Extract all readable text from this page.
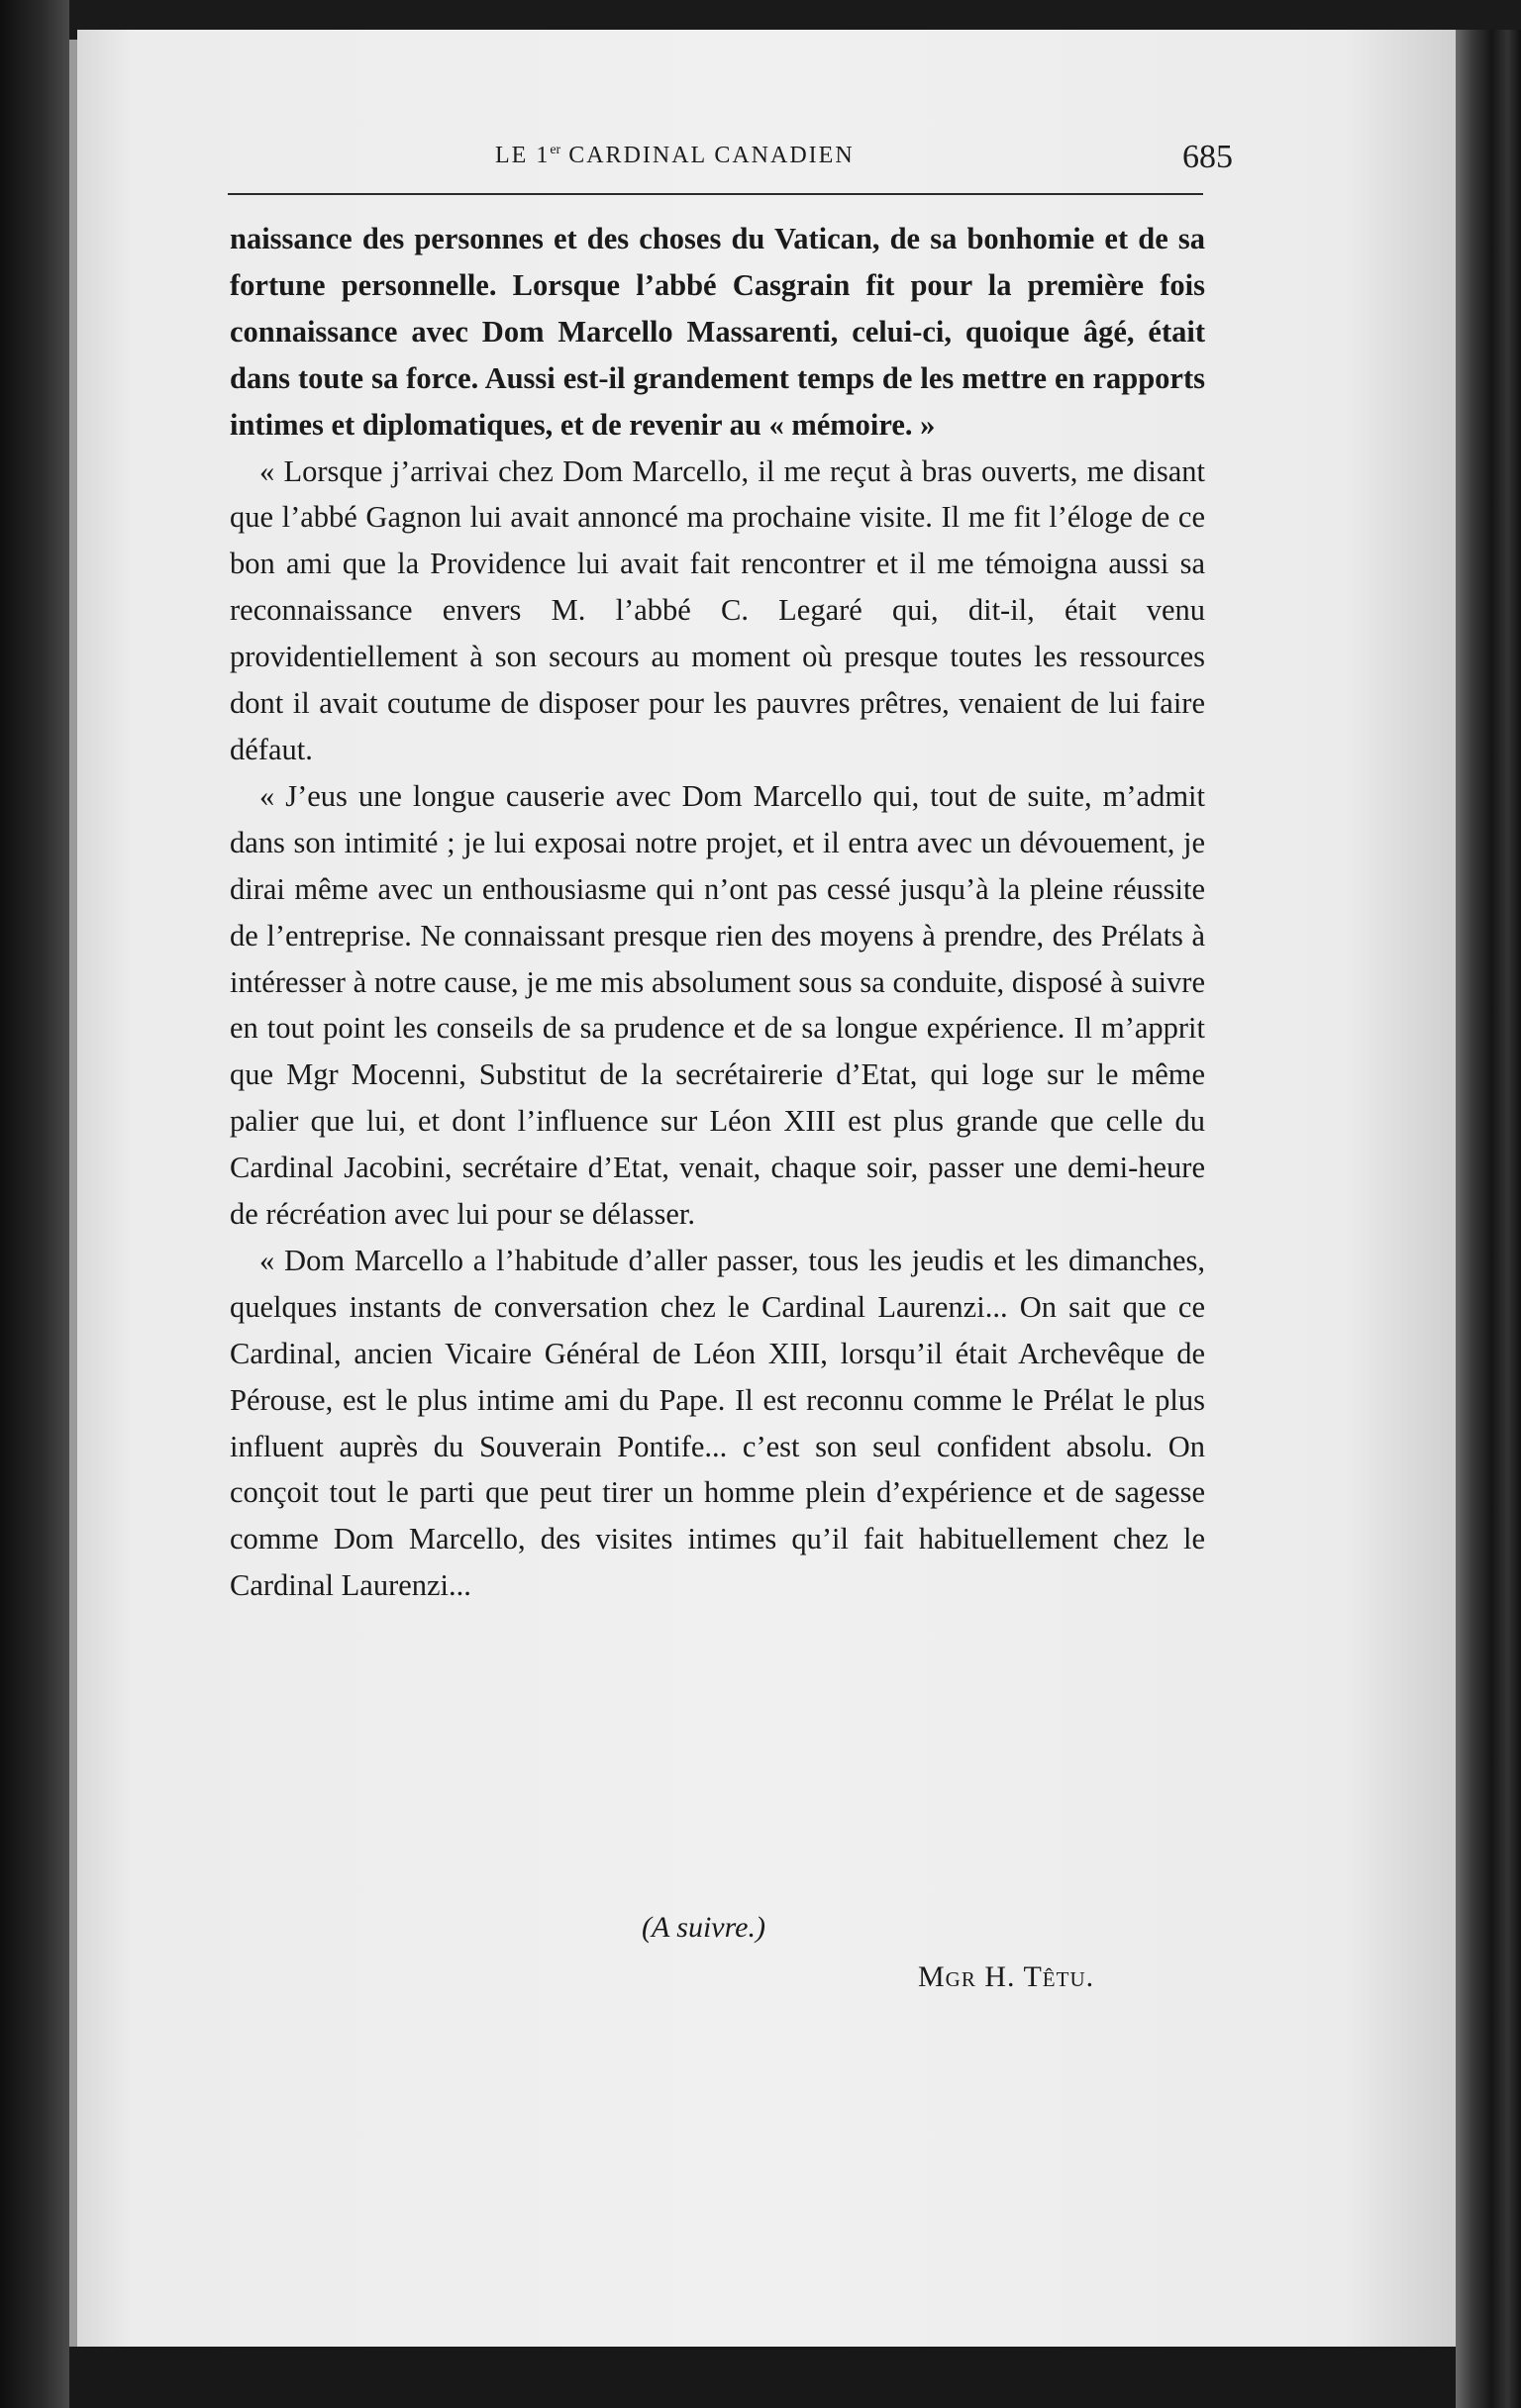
LE 1er CARDINAL CANADIEN	685

naissance des personnes et des choses du Vatican, de sa bonhomie et de sa fortune personnelle. Lorsque l’abbé Casgrain fit pour la première fois connaissance avec Dom Marcello Massarenti, celui-ci, quoique âgé, était dans toute sa force. Aussi est-il grandement temps de les mettre en rapports intimes et diplomatiques, et de revenir au « mémoire. »

« Lorsque j’arrivai chez Dom Marcello, il me reçut à bras ouverts, me disant que l’abbé Gagnon lui avait annoncé ma prochaine visite. Il me fit l’éloge de ce bon ami que la Providence lui avait fait rencontrer et il me témoigna aussi sa reconnaissance envers M. l’abbé C. Legaré qui, dit-il, était venu providentiellement à son secours au moment où presque toutes les ressources dont il avait coutume de disposer pour les pauvres prêtres, venaient de lui faire défaut.

« J’eus une longue causerie avec Dom Marcello qui, tout de suite, m’admit dans son intimité ; je lui exposai notre projet, et il entra avec un dévouement, je dirai même avec un enthousiasme qui n’ont pas cessé jusqu’à la pleine réussite de l’entreprise. Ne connaissant presque rien des moyens à prendre, des Prélats à intéresser à notre cause, je me mis absolument sous sa conduite, disposé à suivre en tout point les conseils de sa prudence et de sa longue expérience. Il m’apprit que Mgr Mocenni, Substitut de la secrétairerie d’Etat, qui loge sur le même palier que lui, et dont l’influence sur Léon XIII est plus grande que celle du Cardinal Jacobini, secrétaire d’Etat, venait, chaque soir, passer une demi-heure de récréation avec lui pour se délasser.

« Dom Marcello a l’habitude d’aller passer, tous les jeudis et les dimanches, quelques instants de conversation chez le Cardinal Laurenzi... On sait que ce Cardinal, ancien Vicaire Général de Léon XIII, lorsqu’il était Archevêque de Pérouse, est le plus intime ami du Pape. Il est reconnu comme le Prélat le plus influent auprès du Souverain Pontife... c’est son seul confident absolu. On conçoit tout le parti que peut tirer un homme plein d’expérience et de sagesse comme Dom Marcello, des visites intimes qu’il fait habituellement chez le Cardinal Laurenzi...

(A suivre.)
Mgr H. Têtu.
